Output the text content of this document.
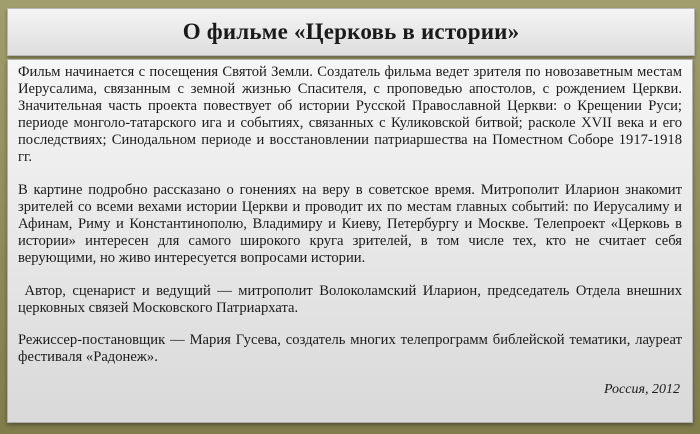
О фильме «Церковь в истории»

Фильм начинается с посещения Святой Земли. Создатель фильма ведет зрителя по новозаветным местам Иерусалима, связанным с земной жизнью Спасителя, с проповедью апостолов, с рождением Церкви. Значительная часть проекта повествует об истории Русской Православной Церкви: о Крещении Руси; периоде монголо-татарского ига и событиях, связанных с Куликовской битвой; расколе XVII века и его последствиях; Синодальном периоде и восстановлении патриаршества на Поместном Соборе 1917-1918 гг.

В картине подробно рассказано о гонениях на веру в советское время. Митрополит Иларион знакомит зрителей со всеми вехами истории Церкви и проводит их по местам главных событий: по Иерусалиму и Афинам, Риму и Константинополю, Владимиру и Киеву, Петербургу и Москве. Телепроект «Церковь в истории» интересен для самого широкого круга зрителей, в том числе тех, кто не считает себя верующими, но живо интересуется вопросами истории.

Автор, сценарист и ведущий — митрополит Волоколамский Иларион, председатель Отдела внешних церковных связей Московского Патриархата.

Режиссер-постановщик — Мария Гусева, создатель многих телепрограмм библейской тематики, лауреат фестиваля «Радонеж».

Россия, 2012
